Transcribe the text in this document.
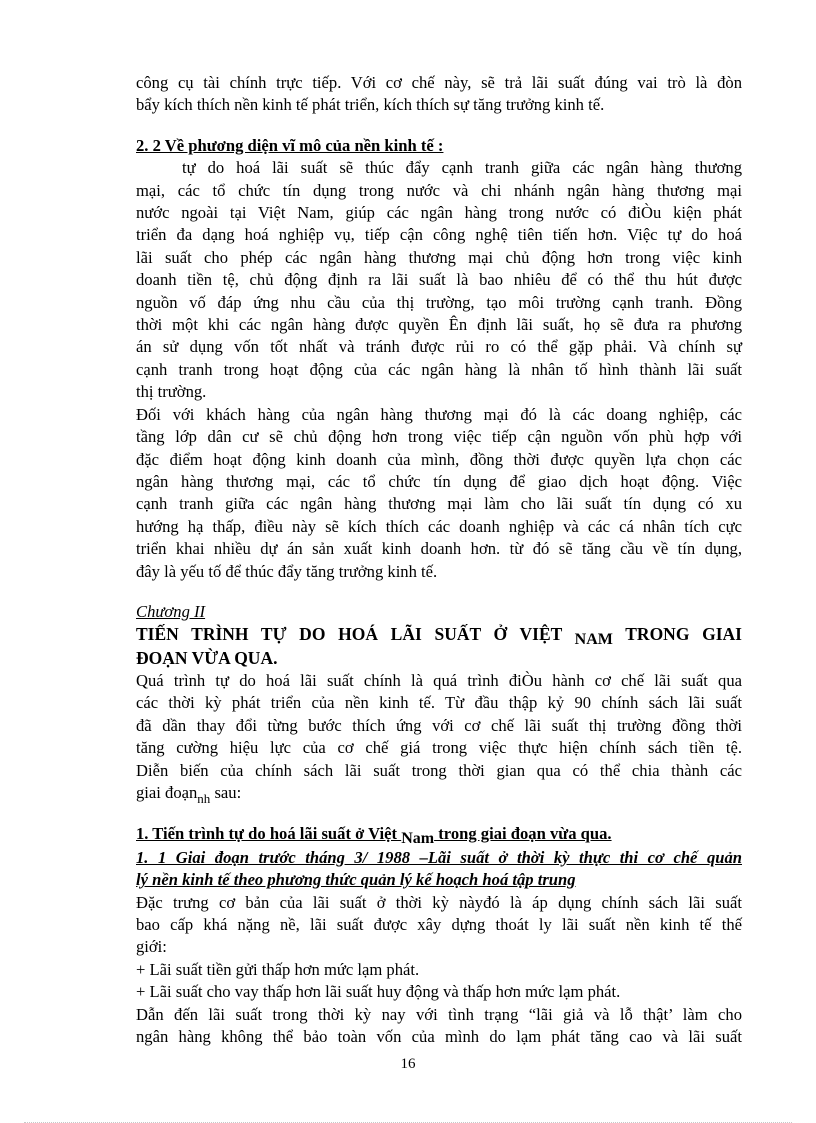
công cụ tài chính trực tiếp. Với cơ chế này, sẽ trả lãi suất đúng vai trò là đòn

bẩy kích thích nền kinh tế phát triển, kích thích sự tăng trưởng kinh tế.

2. 2 Về phương diện vĩ mô của nền kinh tế :

tự do hoá lãi suất sẽ thúc đẩy cạnh tranh giữa các ngân hàng thương

mại, các tổ chức tín dụng trong nước và chi nhánh ngân hàng thương mại

nước ngoài tại Việt Nam, giúp các ngân hàng trong nước có điÒu kiện phát

triển đa dạng hoá nghiệp vụ, tiếp cận công nghệ tiên tiến hơn. Việc tự do hoá

lãi suất cho phép các ngân hàng thương mại chủ động hơn trong việc kinh

doanh tiền tệ, chủ động định ra lãi suất là bao nhiêu để có thể thu hút được

nguồn vố đáp ứng nhu cầu của thị trường, tạo môi trường cạnh tranh. Đồng

thời một khi các ngân hàng được quyền Ên định lãi suất, họ sẽ đưa ra phương

án sử dụng vốn tốt nhất và tránh được rủi ro có thể gặp phải. Và chính sự

cạnh tranh trong hoạt động của các ngân hàng là nhân tố hình thành lãi suất

thị trường.

Đối với khách hàng của ngân hàng thương mại đó là các doang nghiệp, các

tầng lớp dân cư sẽ chủ động hơn trong việc tiếp cận nguồn vốn phù hợp với

đặc điểm hoạt động kinh doanh của mình, đồng thời được quyền lựa chọn các

ngân hàng thương mại, các tổ chức tín dụng để giao dịch hoạt động. Việc

cạnh tranh giữa các ngân hàng thương mại làm cho lãi suất tín dụng có xu

hướng hạ thấp, điều này sẽ kích thích các doanh nghiệp và các cá nhân tích cực

triển khai nhiều dự án sản xuất kinh doanh hơn. từ đó sẽ tăng cầu về tín dụng,

đây là yếu tố để thúc đẩy tăng trưởng kinh tế.

Chương II

TIẾN TRÌNH TỰ DO HOÁ LÃI SUẤT Ở VIỆT NAM TRONG GIAI

ĐOẠN VỪA QUA.

Quá trình tự do hoá lãi suất chính là quá trình điÒu hành cơ chế lãi suất qua

các thời kỳ phát triển của nền kinh tế. Từ đầu thập kỷ 90 chính sách lãi suất

đã dần thay đổi từng bước thích ứng với cơ chế lãi suất thị trường đồng thời

tăng cường hiệu lực của cơ chế giá trong việc thực hiện chính sách tiền tệ.

Diễn biến của chính sách lãi suất trong thời gian qua có thể chia thành các

giai đoạn$_{nh}$ sau:

1. Tiến trình tự do hoá lãi suất ở Việt Nam trong giai đoạn vừa qua.

1. 1 Giai đoạn trước tháng 3/ 1988 –Lãi suất ở thời kỳ thực thi cơ chế quản

lý nền kinh tế theo phương thức quản lý kế hoạch hoá tập trung

Đặc trưng cơ bản của lãi suất ở thời kỳ nàyđó là áp dụng chính sách lãi suất

bao cấp khá nặng nề, lãi suất được xây dựng thoát ly lãi suất nền kinh tế thế

giới:

+ Lãi suất tiền gửi thấp hơn mức lạm phát.

+ Lãi suất cho vay thấp hơn lãi suất huy động và thấp hơn mức lạm phát.

Dẫn đến lãi suất trong thời kỳ nay với tình trạng “lãi giả và lỗ thật’ làm cho

ngân hàng không thể bảo toàn vốn của mình do lạm phát tăng cao và lãi suất

16
